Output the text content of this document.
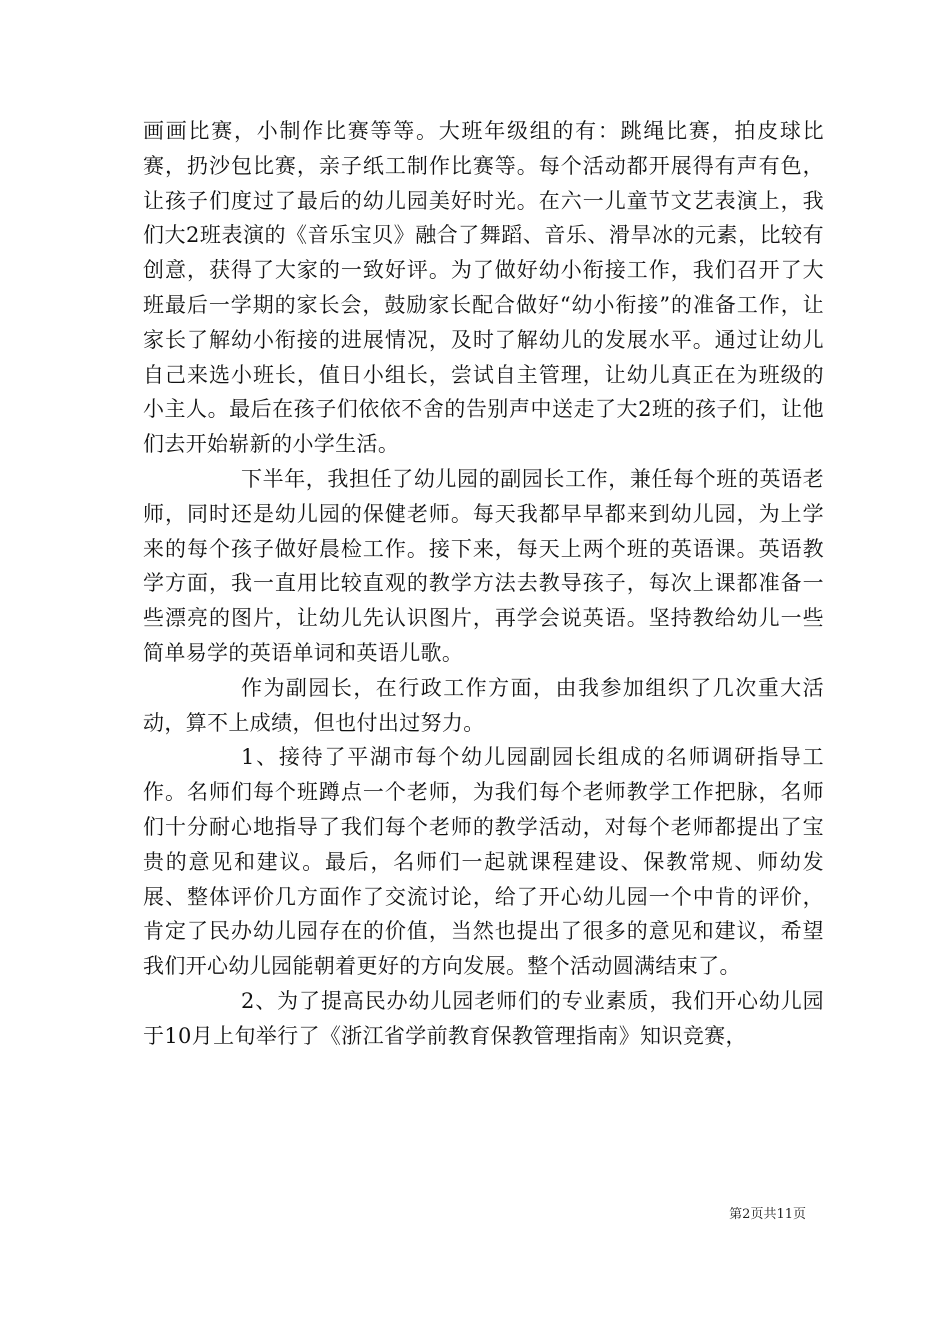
画画比赛，小制作比赛等等。大班年级组的有：跳绳比赛，拍皮球比赛，扔沙包比赛，亲子纸工制作比赛等。每个活动都开展得有声有色，让孩子们度过了最后的幼儿园美好时光。在六一儿童节文艺表演上，我们大2班表演的《音乐宝贝》融合了舞蹈、音乐、滑旱冰的元素，比较有创意，获得了大家的一致好评。为了做好幼小衔接工作，我们召开了大班最后一学期的家长会，鼓励家长配合做好“幼小衔接”的准备工作，让家长了解幼小衔接的进展情况，及时了解幼儿的发展水平。通过让幼儿自己来选小班长，值日小组长，尝试自主管理，让幼儿真正在为班级的小主人。最后在孩子们依依不舍的告别声中送走了大2班的孩子们，让他们去开始崭新的小学生活。

下半年，我担任了幼儿园的副园长工作，兼任每个班的英语老师，同时还是幼儿园的保健老师。每天我都早早都来到幼儿园，为上学来的每个孩子做好晨检工作。接下来，每天上两个班的英语课。英语教学方面，我一直用比较直观的教学方法去教导孩子，每次上课都准备一些漂亮的图片，让幼儿先认识图片，再学会说英语。坚持教给幼儿一些简单易学的英语单词和英语儿歌。

作为副园长，在行政工作方面，由我参加组织了几次重大活动，算不上成绩，但也付出过努力。

1、接待了平湖市每个幼儿园副园长组成的名师调研指导工作。名师们每个班蹲点一个老师，为我们每个老师教学工作把脉，名师们十分耐心地指导了我们每个老师的教学活动，对每个老师都提出了宝贵的意见和建议。最后，名师们一起就课程建设、保教常规、师幼发展、整体评价几方面作了交流讨论，给了开心幼儿园一个中肯的评价，肯定了民办幼儿园存在的价值，当然也提出了很多的意见和建议，希望我们开心幼儿园能朝着更好的方向发展。整个活动圆满结束了。

2、为了提高民办幼儿园老师们的专业素质，我们开心幼儿园于10月上旬举行了《浙江省学前教育保教管理指南》知识竞赛，

第2页共11页
